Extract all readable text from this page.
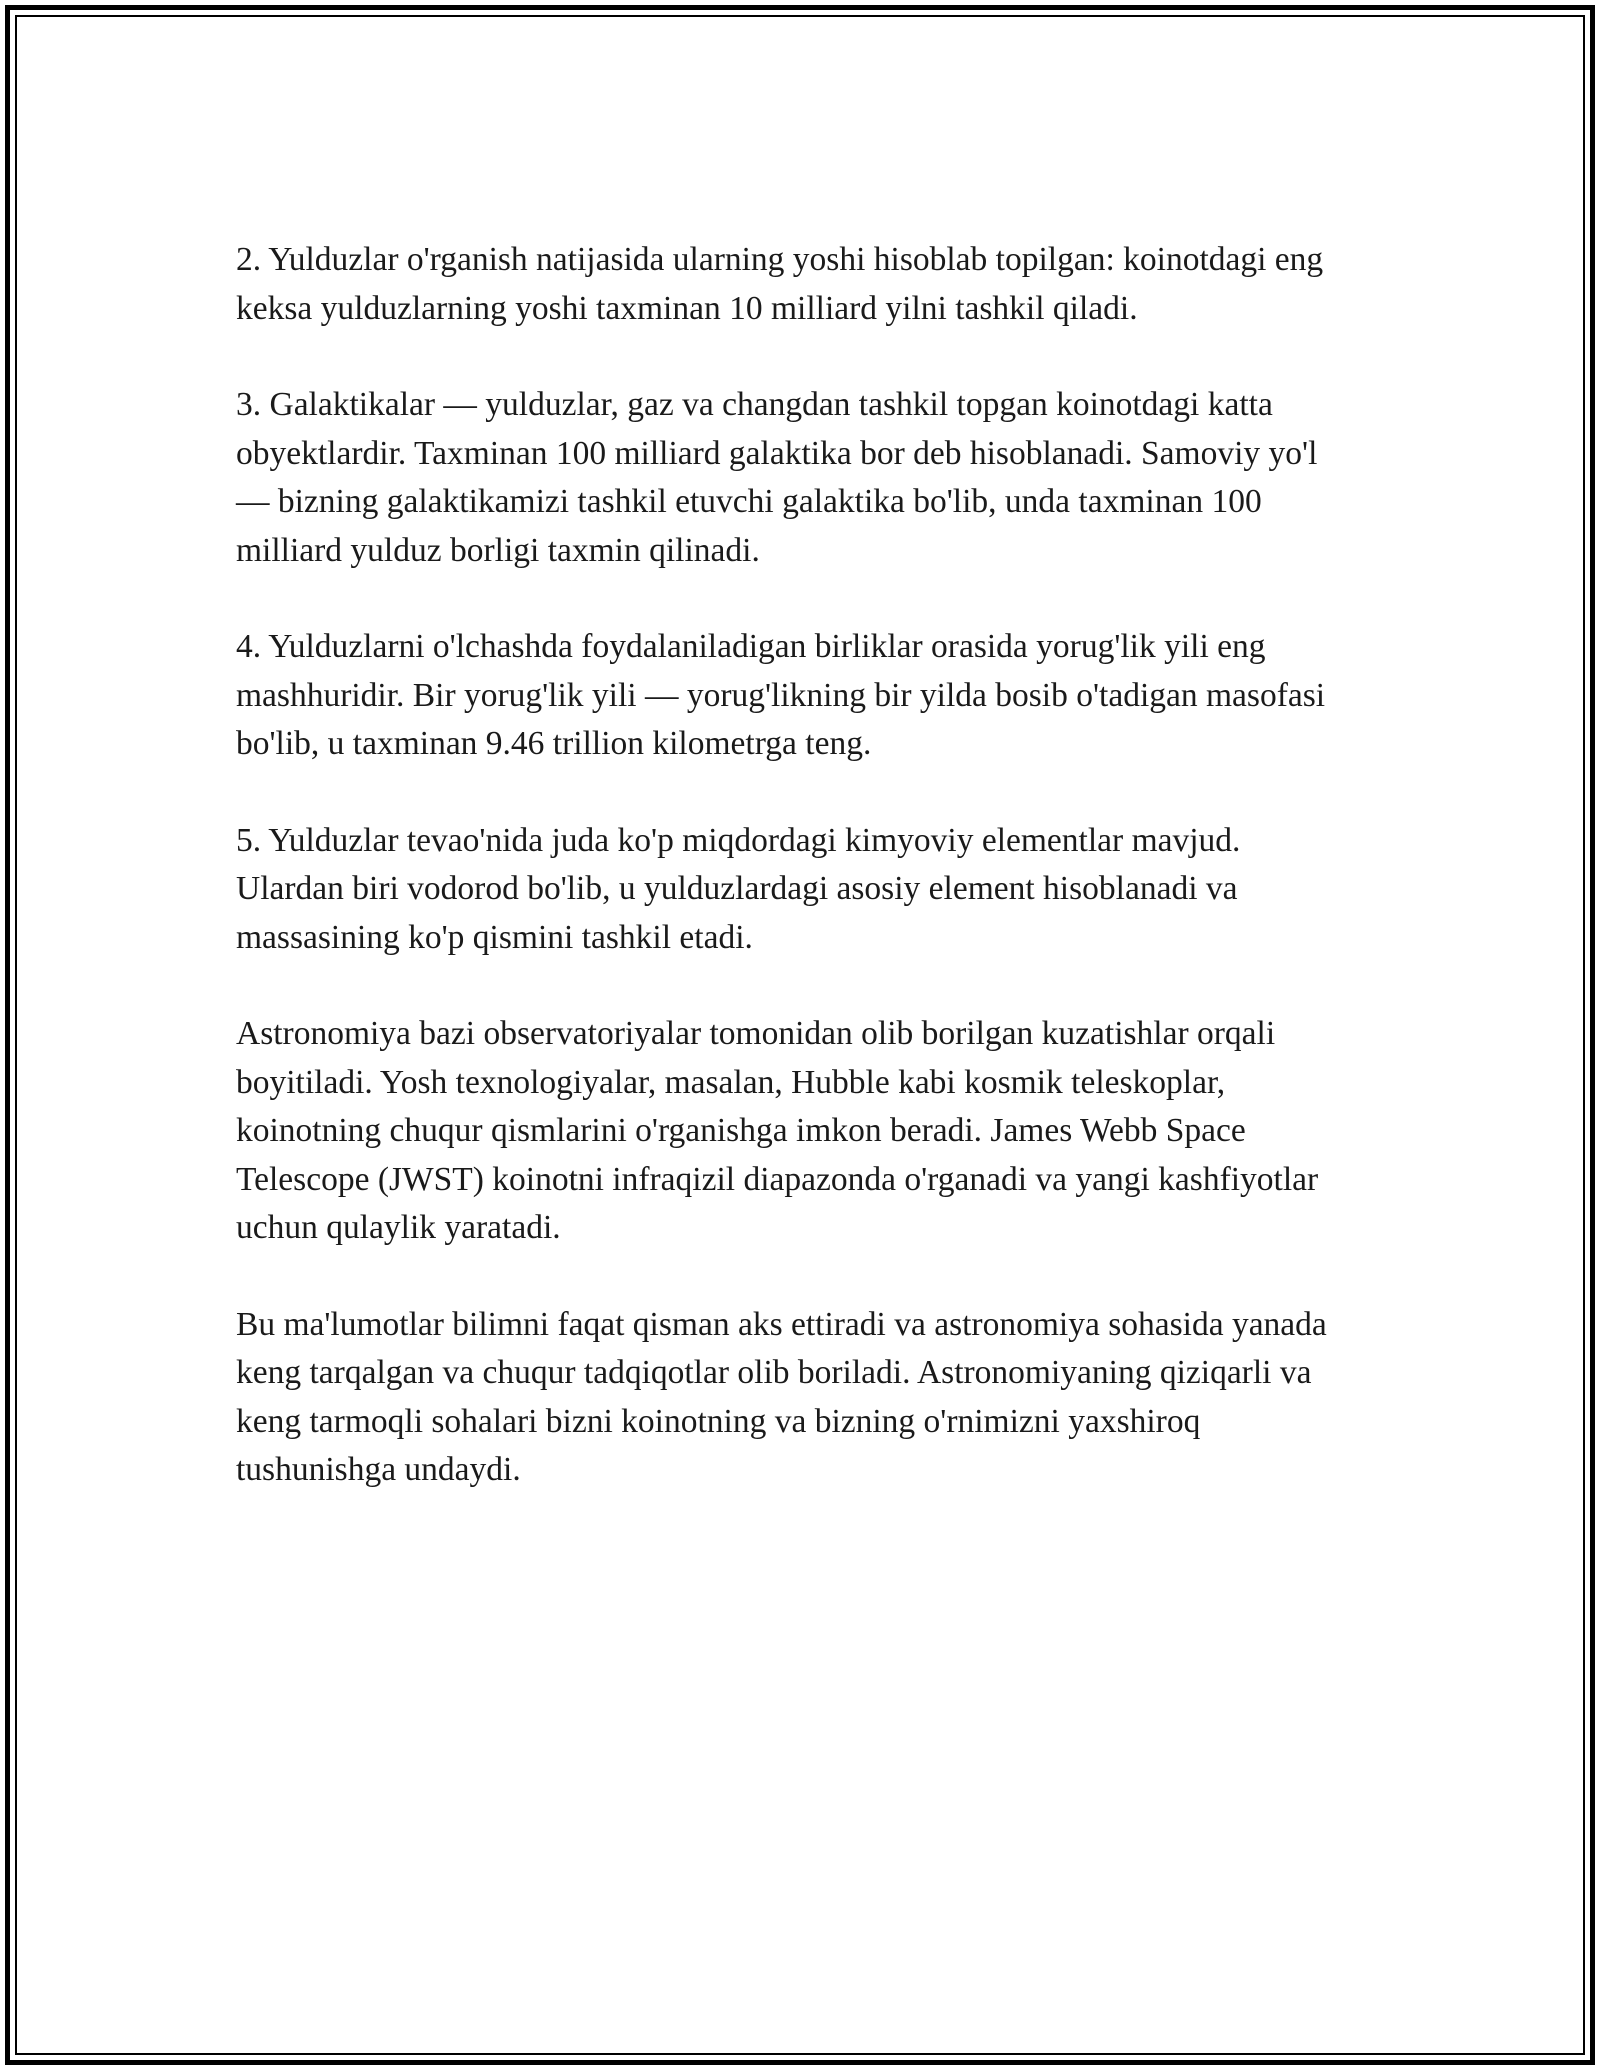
2. Yulduzlar o'rganish natijasida ularning yoshi hisoblab topilgan: koinotdagi eng keksa yulduzlarning yoshi taxminan 10 milliard yilni tashkil qiladi.

3. Galaktikalar — yulduzlar, gaz va changdan tashkil topgan koinotdagi katta obyektlardir. Taxminan 100 milliard galaktika bor deb hisoblanadi. Samoviy yo'l — bizning galaktikamizi tashkil etuvchi galaktika bo'lib, unda taxminan 100 milliard yulduz borligi taxmin qilinadi.

4. Yulduzlarni o'lchashda foydalaniladigan birliklar orasida yorug'lik yili eng mashhuridir. Bir yorug'lik yili — yorug'likning bir yilda bosib o'tadigan masofasi bo'lib, u taxminan 9.46 trillion kilometrga teng.

5. Yulduzlar tevao'nida juda ko'p miqdordagi kimyoviy elementlar mavjud. Ulardan biri vodorod bo'lib, u yulduzlardagi asosiy element hisoblanadi va massasining ko'p qismini tashkil etadi.

Astronomiya bazi observatoriyalar tomonidan olib borilgan kuzatishlar orqali boyitiladi. Yosh texnologiyalar, masalan, Hubble kabi kosmik teleskoplar, koinotning chuqur qismlarini o'rganishga imkon beradi. James Webb Space Telescope (JWST) koinotni infraqizil diapazonda o'rganadi va yangi kashfiyotlar uchun qulaylik yaratadi.

Bu ma'lumotlar bilimni faqat qisman aks ettiradi va astronomiya sohasida yanada keng tarqalgan va chuqur tadqiqotlar olib boriladi. Astronomiyaning qiziqarli va keng tarmoqli sohalari bizni koinotning va bizning o'rnimizni yaxshiroq tushunishga undaydi.
